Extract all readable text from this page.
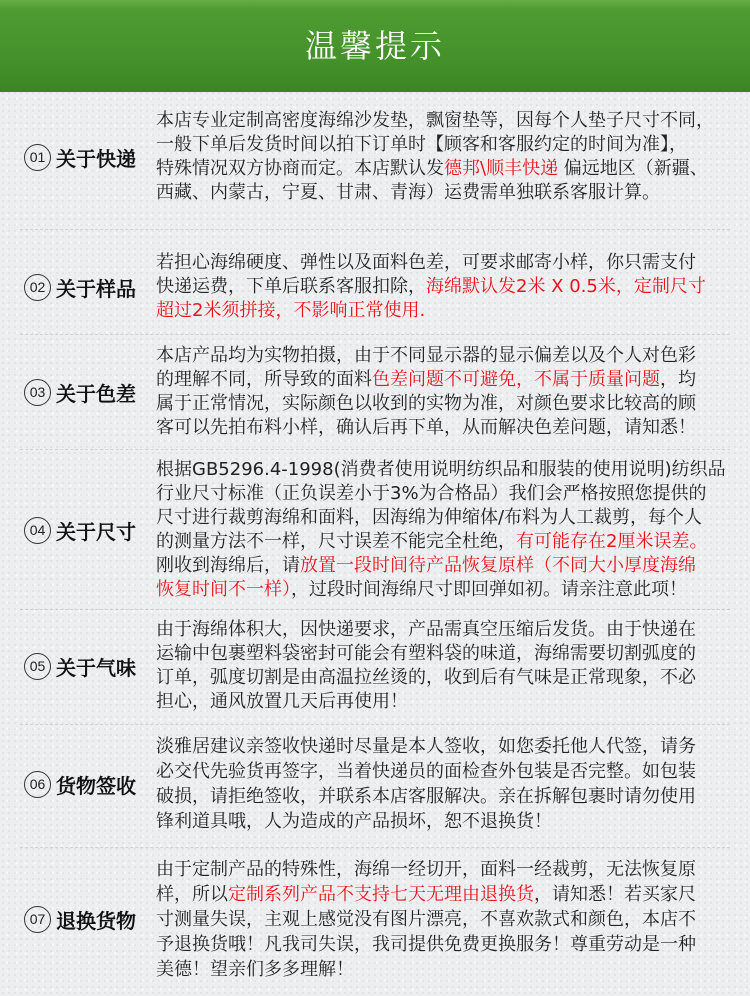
温馨提示
01 关于快递
本店专业定制高密度海绵沙发垫，飘窗垫等，因每个人垫子尺寸不同，
一般下单后发货时间以拍下订单时【顾客和客服约定的时间为准】，
特殊情况双方协商而定。本店默认发德邦\顺丰快递 偏远地区（新疆、
西藏、内蒙古，宁夏、甘肃、青海）运费需单独联系客服计算。
02 关于样品
若担心海绵硬度、弹性以及面料色差，可要求邮寄小样，你只需支付
快递运费，下单后联系客服扣除，海绵默认发2米 X 0.5米，定制尺寸
超过2米须拼接，不影响正常使用.
03 关于色差
本店产品均为实物拍摄，由于不同显示器的显示偏差以及个人对色彩
的理解不同，所导致的面料色差问题不可避免，不属于质量问题，均
属于正常情况，实际颜色以收到的实物为准，对颜色要求比较高的顾
客可以先拍布料小样，确认后再下单，从而解决色差问题，请知悉！
04 关于尺寸
根据GB5296.4-1998(消费者使用说明纺织品和服装的使用说明)纺织品
行业尺寸标准（正负误差小于3%为合格品）我们会严格按照您提供的
尺寸进行裁剪海绵和面料，因海绵为伸缩体/布料为人工裁剪，每个人
的测量方法不一样，尺寸误差不能完全杜绝，有可能存在2厘米误差。
刚收到海绵后，请放置一段时间待产品恢复原样（不同大小厚度海绵
恢复时间不一样），过段时间海绵尺寸即回弹如初。请亲注意此项！
05 关于气味
由于海绵体积大，因快递要求，产品需真空压缩后发货。由于快递在
运输中包裹塑料袋密封可能会有塑料袋的味道，海绵需要切割弧度的
订单，弧度切割是由高温拉丝烫的，收到后有气味是正常现象，不必
担心，通风放置几天后再使用！
06 货物签收
淡雅居建议亲签收快递时尽量是本人签收，如您委托他人代签，请务
必交代先验货再签字，当着快递员的面检查外包装是否完整。如包装
破损，请拒绝签收，并联系本店客服解决。亲在拆解包裹时请勿使用
锋利道具哦，人为造成的产品损坏，恕不退换货！
07 退换货物
由于定制产品的特殊性，海绵一经切开，面料一经裁剪，无法恢复原
样，所以定制系列产品不支持七天无理由退换货，请知悉！若买家尺
寸测量失误，主观上感觉没有图片漂亮，不喜欢款式和颜色，本店不
予退换货哦！凡我司失误，我司提供免费更换服务！尊重劳动是一种
美德！望亲们多多理解！
